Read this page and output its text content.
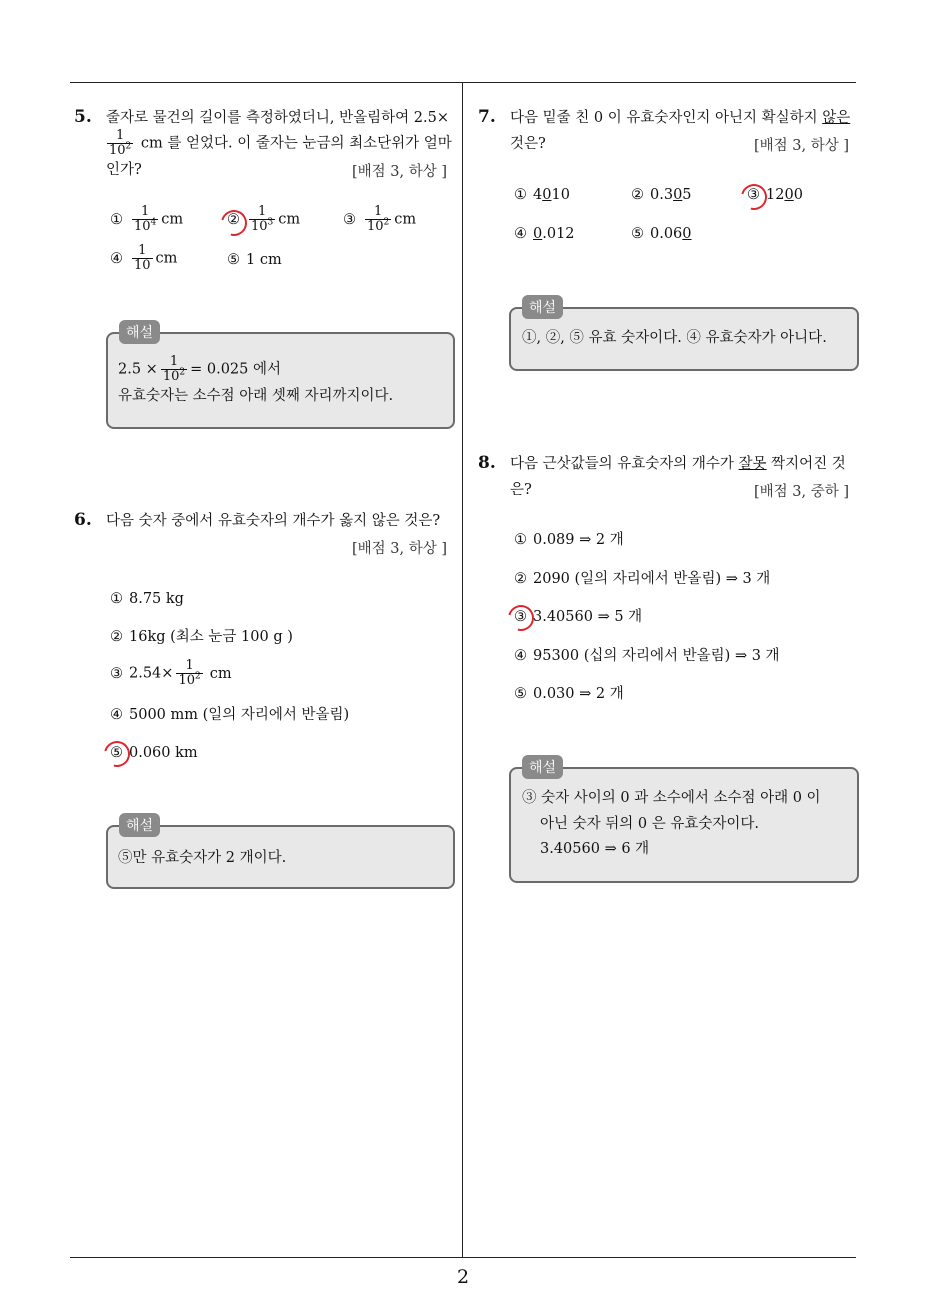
2
5. 줄자로 물건의 길이를 측정하였더니, 반올림하여 2.5×
$\frac{1}{10^2}$ cm 를 얻었다. 이 줄자는 눈금의 최소단위가 얼마
인가?	[배점 3, 하상 ]
① $\frac{1}{10^4}$ cm	② $\frac{1}{10^3}$ cm	③ $\frac{1}{10^2}$ cm
④ $\frac{1}{10}$ cm	⑤ 1 cm
해설
$2.5 \times \frac{1}{10^2} = 0.025$ 에서
유효숫자는 소수점 아래 셋째 자리까지이다.
6. 다음 숫자 중에서 유효숫자의 개수가 옳지 않은 것은?
[배점 3, 하상 ]
① 8.75 kg
② 16kg (최소 눈금 100 g )
③ $2.54\times \frac{1}{10^2}$ cm
④ 5000 mm (일의 자리에서 반올림)
⑤ 0.060 km
해설
⑤만 유효숫자가 2 개이다.
7. 다음 밑줄 친 0 이 유효숫자인지 아닌지 확실하지 않은
것은?	[배점 3, 하상 ]
① 4010	② 0.305	③ 1200
④ 0.012	⑤ 0.060
해설
①, ②, ⑤ 유효 숫자이다. ④ 유효숫자가 아니다.
8. 다음 근삿값들의 유효숫자의 개수가 잘못 짝지어진 것
은?	[배점 3, 중하 ]
① 0.089 ⇒ 2 개
② 2090 (일의 자리에서 반올림) ⇒ 3 개
③ 3.40560 ⇒ 5 개
④ 95300 (십의 자리에서 반올림) ⇒ 3 개
⑤ 0.030 ⇒ 2 개
해설
③ 숫자 사이의 0 과 소수에서 소수점 아래 0 이
아닌 숫자 뒤의 0 은 유효숫자이다.
3.40560 ⇒ 6 개
